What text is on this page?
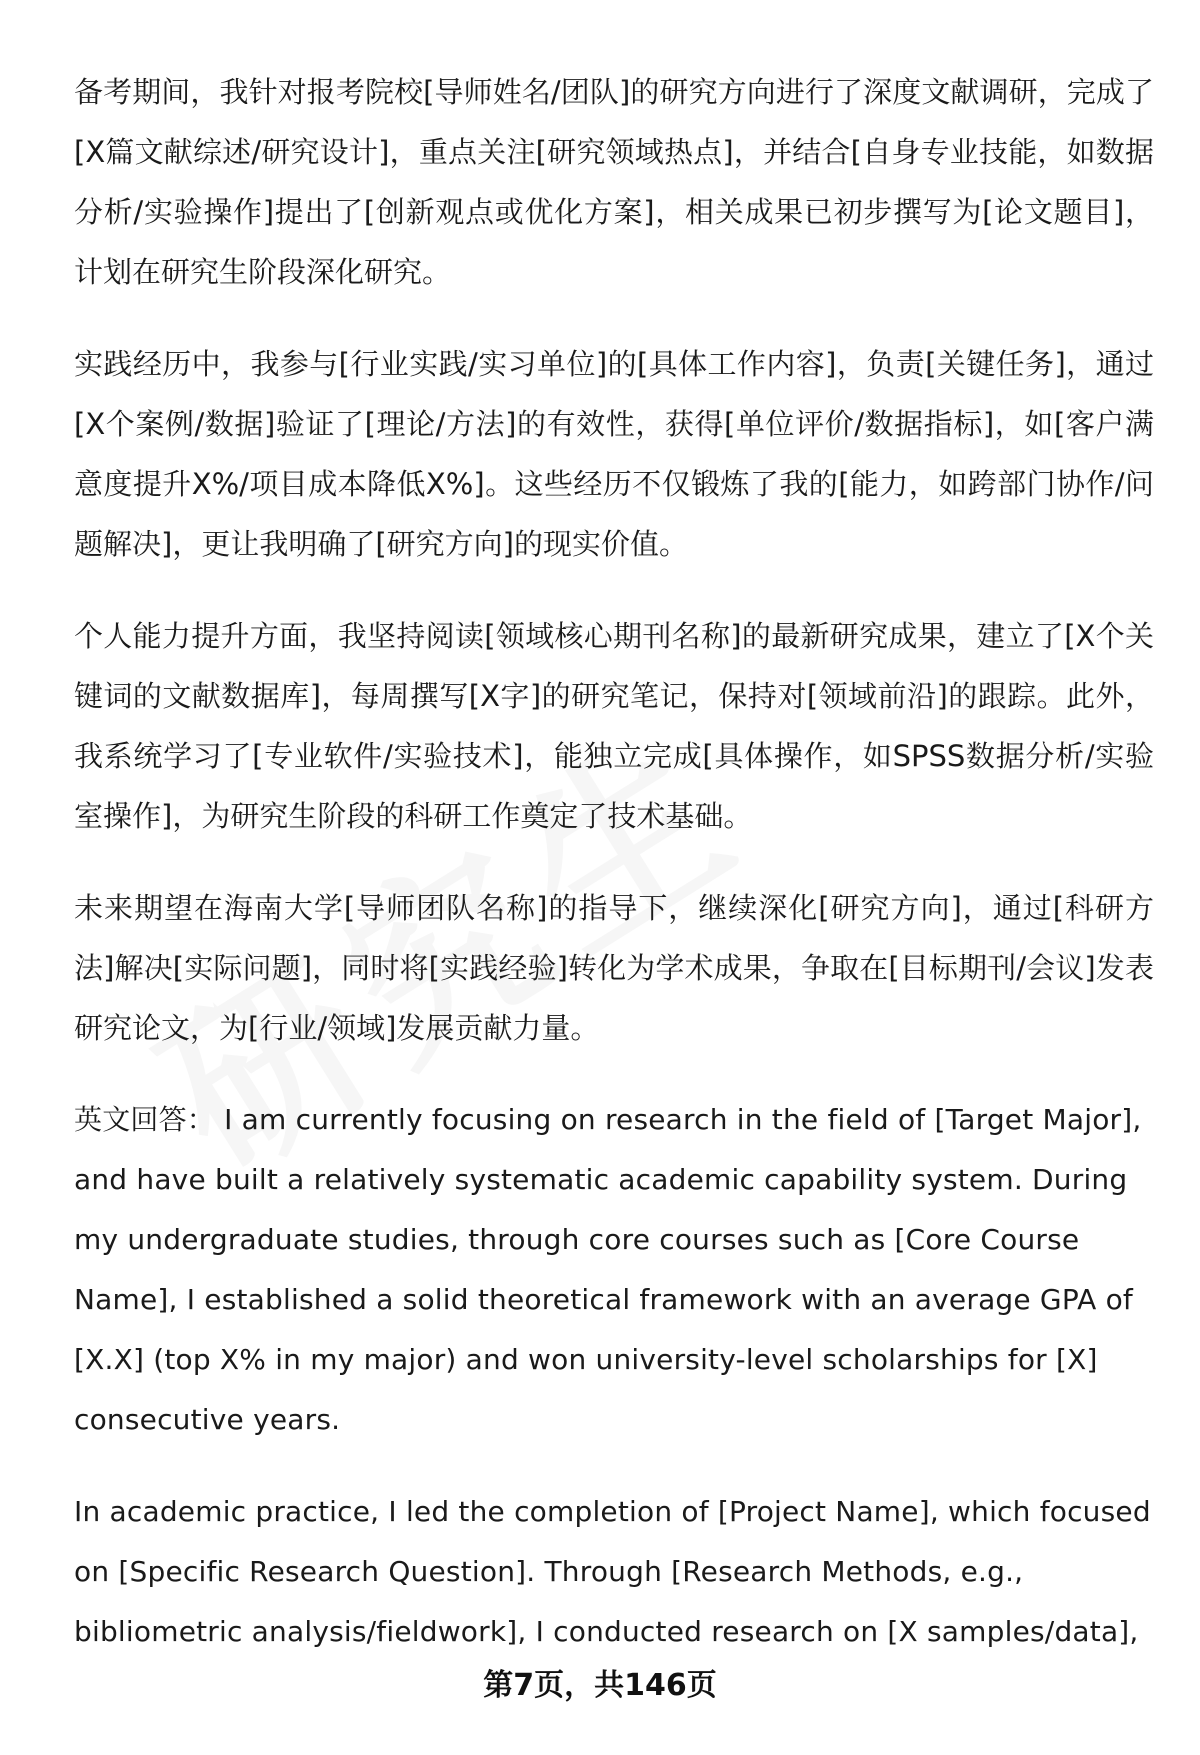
备考期间，我针对报考院校[导师姓名/团队]的研究方向进行了深度文献调研，完成了[X篇文献综述/研究设计]，重点关注[研究领域热点]，并结合[自身专业技能，如数据分析/实验操作]提出了[创新观点或优化方案]，相关成果已初步撰写为[论文题目]，计划在研究生阶段深化研究。

实践经历中，我参与[行业实践/实习单位]的[具体工作内容]，负责[关键任务]，通过[X个案例/数据]验证了[理论/方法]的有效性，获得[单位评价/数据指标]，如[客户满意度提升X%/项目成本降低X%]。这些经历不仅锻炼了我的[能力，如跨部门协作/问题解决]，更让我明确了[研究方向]的现实价值。

个人能力提升方面，我坚持阅读[领域核心期刊名称]的最新研究成果，建立了[X个关键词的文献数据库]，每周撰写[X字]的研究笔记，保持对[领域前沿]的跟踪。此外，我系统学习了[专业软件/实验技术]，能独立完成[具体操作，如SPSS数据分析/实验室操作]，为研究生阶段的科研工作奠定了技术基础。

未来期望在海南大学[导师团队名称]的指导下，继续深化[研究方向]，通过[科研方法]解决[实际问题]，同时将[实践经验]转化为学术成果，争取在[目标期刊/会议]发表研究论文，为[行业/领域]发展贡献力量。

英文回答： I am currently focusing on research in the field of [Target Major], and have built a relatively systematic academic capability system. During my undergraduate studies, through core courses such as [Core Course Name], I established a solid theoretical framework with an average GPA of [X.X] (top X% in my major) and won university-level scholarships for [X] consecutive years.

In academic practice, I led the completion of [Project Name], which focused on [Specific Research Question]. Through [Research Methods, e.g., bibliometric analysis/fieldwork], I conducted research on [X samples/data],

第7页，共146页
